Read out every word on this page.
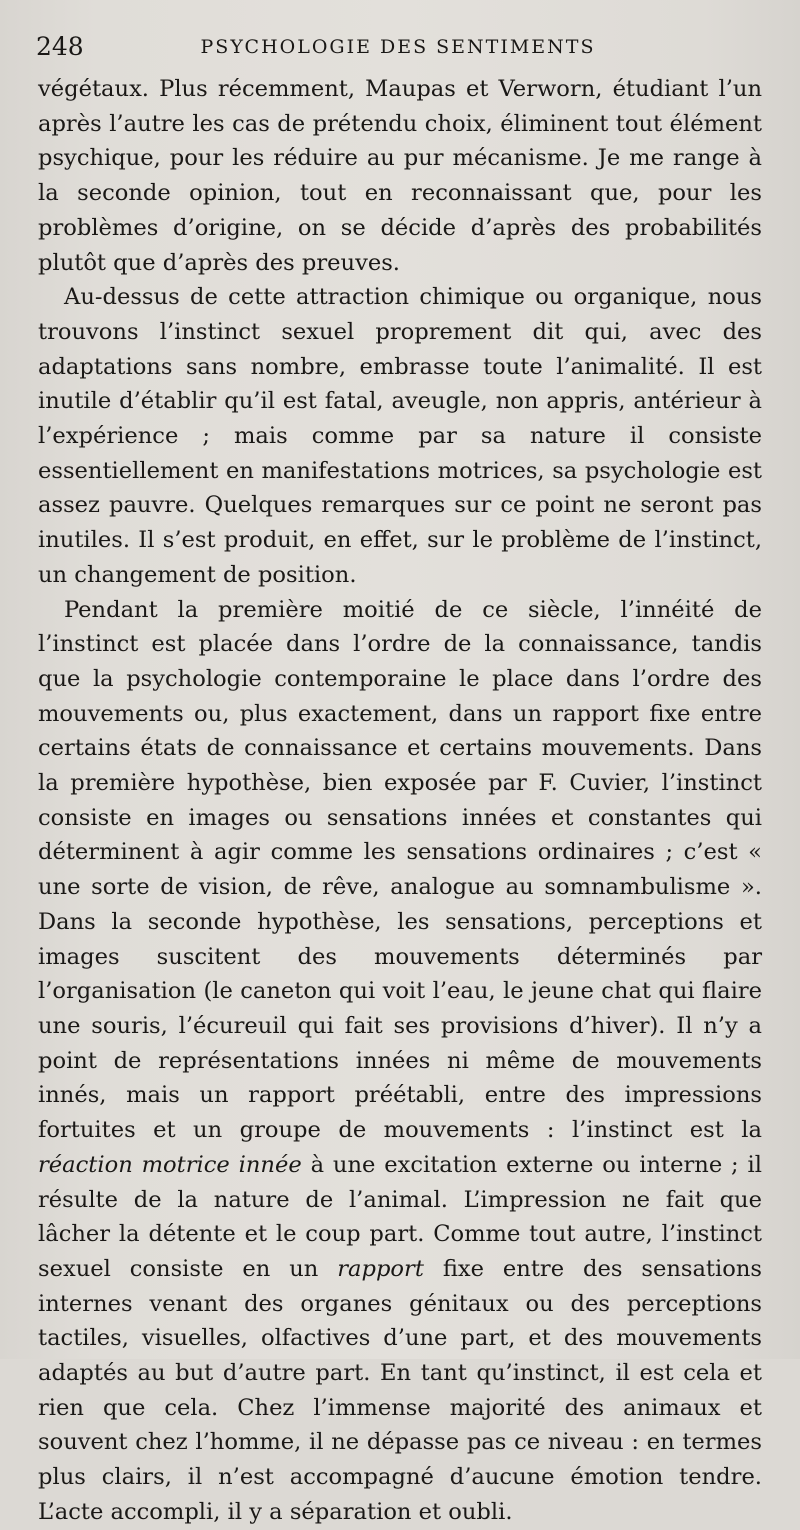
248	PSYCHOLOGIE DES SENTIMENTS

végétaux. Plus récemment, Maupas et Verworn, étudiant l’un après l’autre les cas de prétendu choix, éliminent tout élément psychique, pour les réduire au pur mécanisme. Je me range à la seconde opinion, tout en reconnaissant que, pour les problèmes d’origine, on se décide d’après des probabilités plutôt que d’après des preuves.

Au-dessus de cette attraction chimique ou organique, nous trouvons l’instinct sexuel proprement dit qui, avec des adaptations sans nombre, embrasse toute l’animalité. Il est inutile d’établir qu’il est fatal, aveugle, non appris, antérieur à l’expérience ; mais comme par sa nature il consiste essentiellement en manifestations motrices, sa psychologie est assez pauvre. Quelques remarques sur ce point ne seront pas inutiles. Il s’est produit, en effet, sur le problème de l’instinct, un changement de position.

Pendant la première moitié de ce siècle, l’innéité de l’instinct est placée dans l’ordre de la connaissance, tandis que la psychologie contemporaine le place dans l’ordre des mouvements ou, plus exactement, dans un rapport fixe entre certains états de connaissance et certains mouvements. Dans la première hypothèse, bien exposée par F. Cuvier, l’instinct consiste en images ou sensations innées et constantes qui déterminent à agir comme les sensations ordinaires ; c’est « une sorte de vision, de rêve, analogue au somnambulisme ». Dans la seconde hypothèse, les sensations, perceptions et images suscitent des mouvements déterminés par l’organisation (le caneton qui voit l’eau, le jeune chat qui flaire une souris, l’écureuil qui fait ses provisions d’hiver). Il n’y a point de représentations innées ni même de mouvements innés, mais un rapport préétabli, entre des impressions fortuites et un groupe de mouvements : l’instinct est la réaction motrice innée à une excitation externe ou interne ; il résulte de la nature de l’animal. L’impression ne fait que lâcher la détente et le coup part. Comme tout autre, l’instinct sexuel consiste en un rapport fixe entre des sensations internes venant des organes génitaux ou des perceptions tactiles, visuelles, olfactives d’une part, et des mouvements adaptés au but d’autre part. En tant qu’instinct, il est cela et rien que cela. Chez l’immense majorité des animaux et souvent chez l’homme, il ne dépasse pas ce niveau : en termes plus clairs, il n’est accompagné d’aucune émotion tendre. L’acte accompli, il y a séparation et oubli.
